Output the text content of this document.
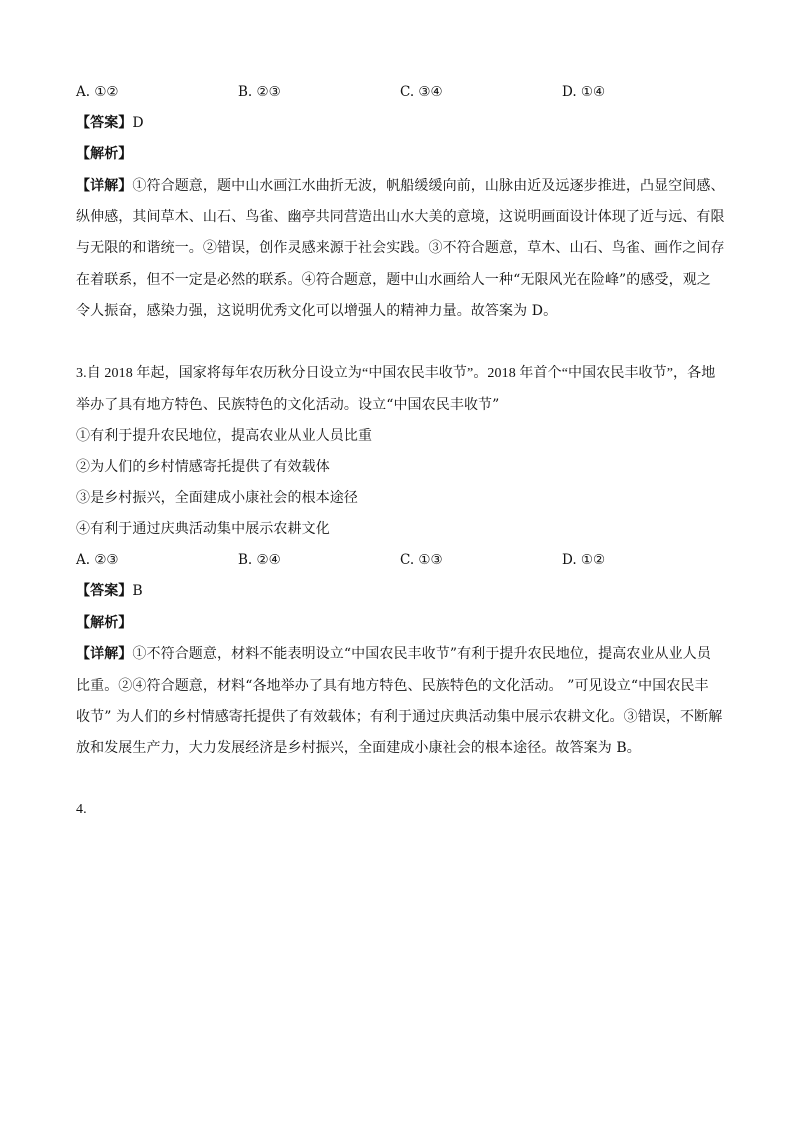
A. ①②	B. ②③	C. ③④	D. ①④
【答案】D
【解析】
【详解】①符合题意，题中山水画江水曲折无波，帆船缓缓向前，山脉由近及远逐步推进，凸显空间感、
纵伸感，其间草木、山石、鸟雀、幽亭共同营造出山水大美的意境，这说明画面设计体现了近与远、有限
与无限的和谐统一。②错误，创作灵感来源于社会实践。③不符合题意，草木、山石、鸟雀、画作之间存
在着联系，但不一定是必然的联系。④符合题意，题中山水画给人一种“无限风光在险峰”的感受，观之
令人振奋，感染力强，这说明优秀文化可以增强人的精神力量。故答案为 D。
3.自 2018 年起，国家将每年农历秋分日设立为“中国农民丰收节”。2018 年首个“中国农民丰收节”，各地
举办了具有地方特色、民族特色的文化活动。设立“中国农民丰收节”
①有利于提升农民地位，提高农业从业人员比重
②为人们的乡村情感寄托提供了有效载体
③是乡村振兴，全面建成小康社会的根本途径
④有利于通过庆典活动集中展示农耕文化
A. ②③	B. ②④	C. ①③	D. ①②
【答案】B
【解析】
【详解】①不符合题意，材料不能表明设立“中国农民丰收节”有利于提升农民地位，提高农业从业人员
比重。②④符合题意，材料“各地举办了具有地方特色、民族特色的文化活动。 ”可见设立“中国农民丰
收节” 为人们的乡村情感寄托提供了有效载体；有利于通过庆典活动集中展示农耕文化。③错误，不断解
放和发展生产力，大力发展经济是乡村振兴，全面建成小康社会的根本途径。故答案为 B。
4.
